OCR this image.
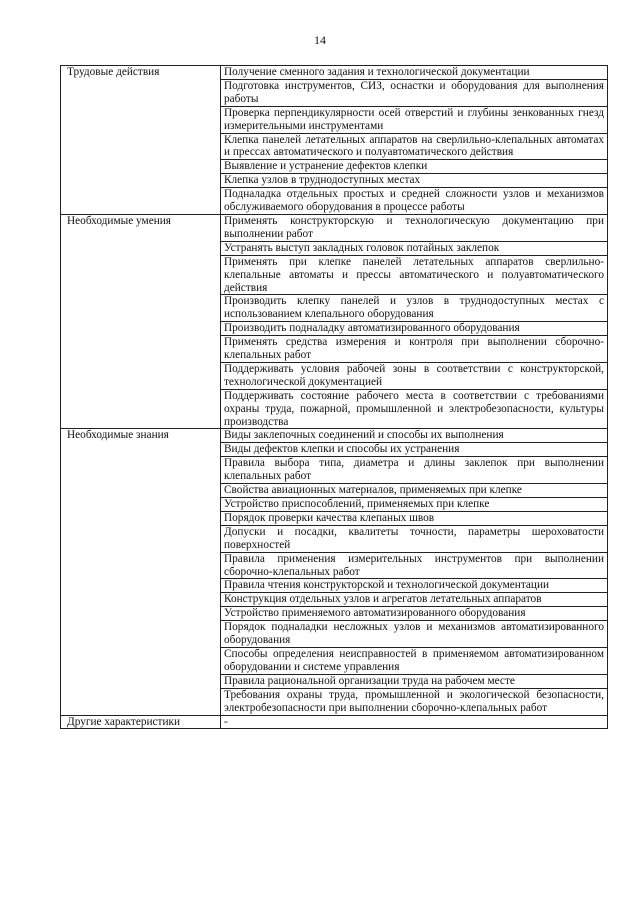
14
Трудовые действия	Получение сменного задания и технологической документации
	Подготовка инструментов, СИЗ, оснастки и оборудования для выполнения работы
	Проверка перпендикулярности осей отверстий и глубины зенкованных гнезд измерительными инструментами
	Клепка панелей летательных аппаратов на сверлильно-клепальных автоматах и прессах автоматического и полуавтоматического действия
	Выявление и устранение дефектов клепки
	Клепка узлов в труднодоступных местах
	Подналадка отдельных простых и средней сложности узлов и механизмов обслуживаемого оборудования в процессе работы
Необходимые умения	Применять конструкторскую и технологическую документацию при выполнении работ
	Устранять выступ закладных головок потайных заклепок
	Применять при клепке панелей летательных аппаратов сверлильно-клепальные автоматы и прессы автоматического и полуавтоматического действия
	Производить клепку панелей и узлов в труднодоступных местах с использованием клепального оборудования
	Производить подналадку автоматизированного оборудования
	Применять средства измерения и контроля при выполнении сборочно-клепальных работ
	Поддерживать условия рабочей зоны в соответствии с конструкторской, технологической документацией
	Поддерживать состояние рабочего места в соответствии с требованиями охраны труда, пожарной, промышленной и электробезопасности, культуры производства
Необходимые знания	Виды заклепочных соединений и способы их выполнения
	Виды дефектов клепки и способы их устранения
	Правила выбора типа, диаметра и длины заклепок при выполнении клепальных работ
	Свойства авиационных материалов, применяемых при клепке
	Устройство приспособлений, применяемых при клепке
	Порядок проверки качества клепаных швов
	Допуски и посадки, квалитеты точности, параметры шероховатости поверхностей
	Правила применения измерительных инструментов при выполнении сборочно-клепальных работ
	Правила чтения конструкторской и технологической документации
	Конструкция отдельных узлов и агрегатов летательных аппаратов
	Устройство применяемого автоматизированного оборудования
	Порядок подналадки несложных узлов и механизмов автоматизированного оборудования
	Способы определения неисправностей в применяемом автоматизированном оборудовании и системе управления
	Правила рациональной организации труда на рабочем месте
	Требования охраны труда, промышленной и экологической безопасности, электробезопасности при выполнении сборочно-клепальных работ
Другие характеристики	-
